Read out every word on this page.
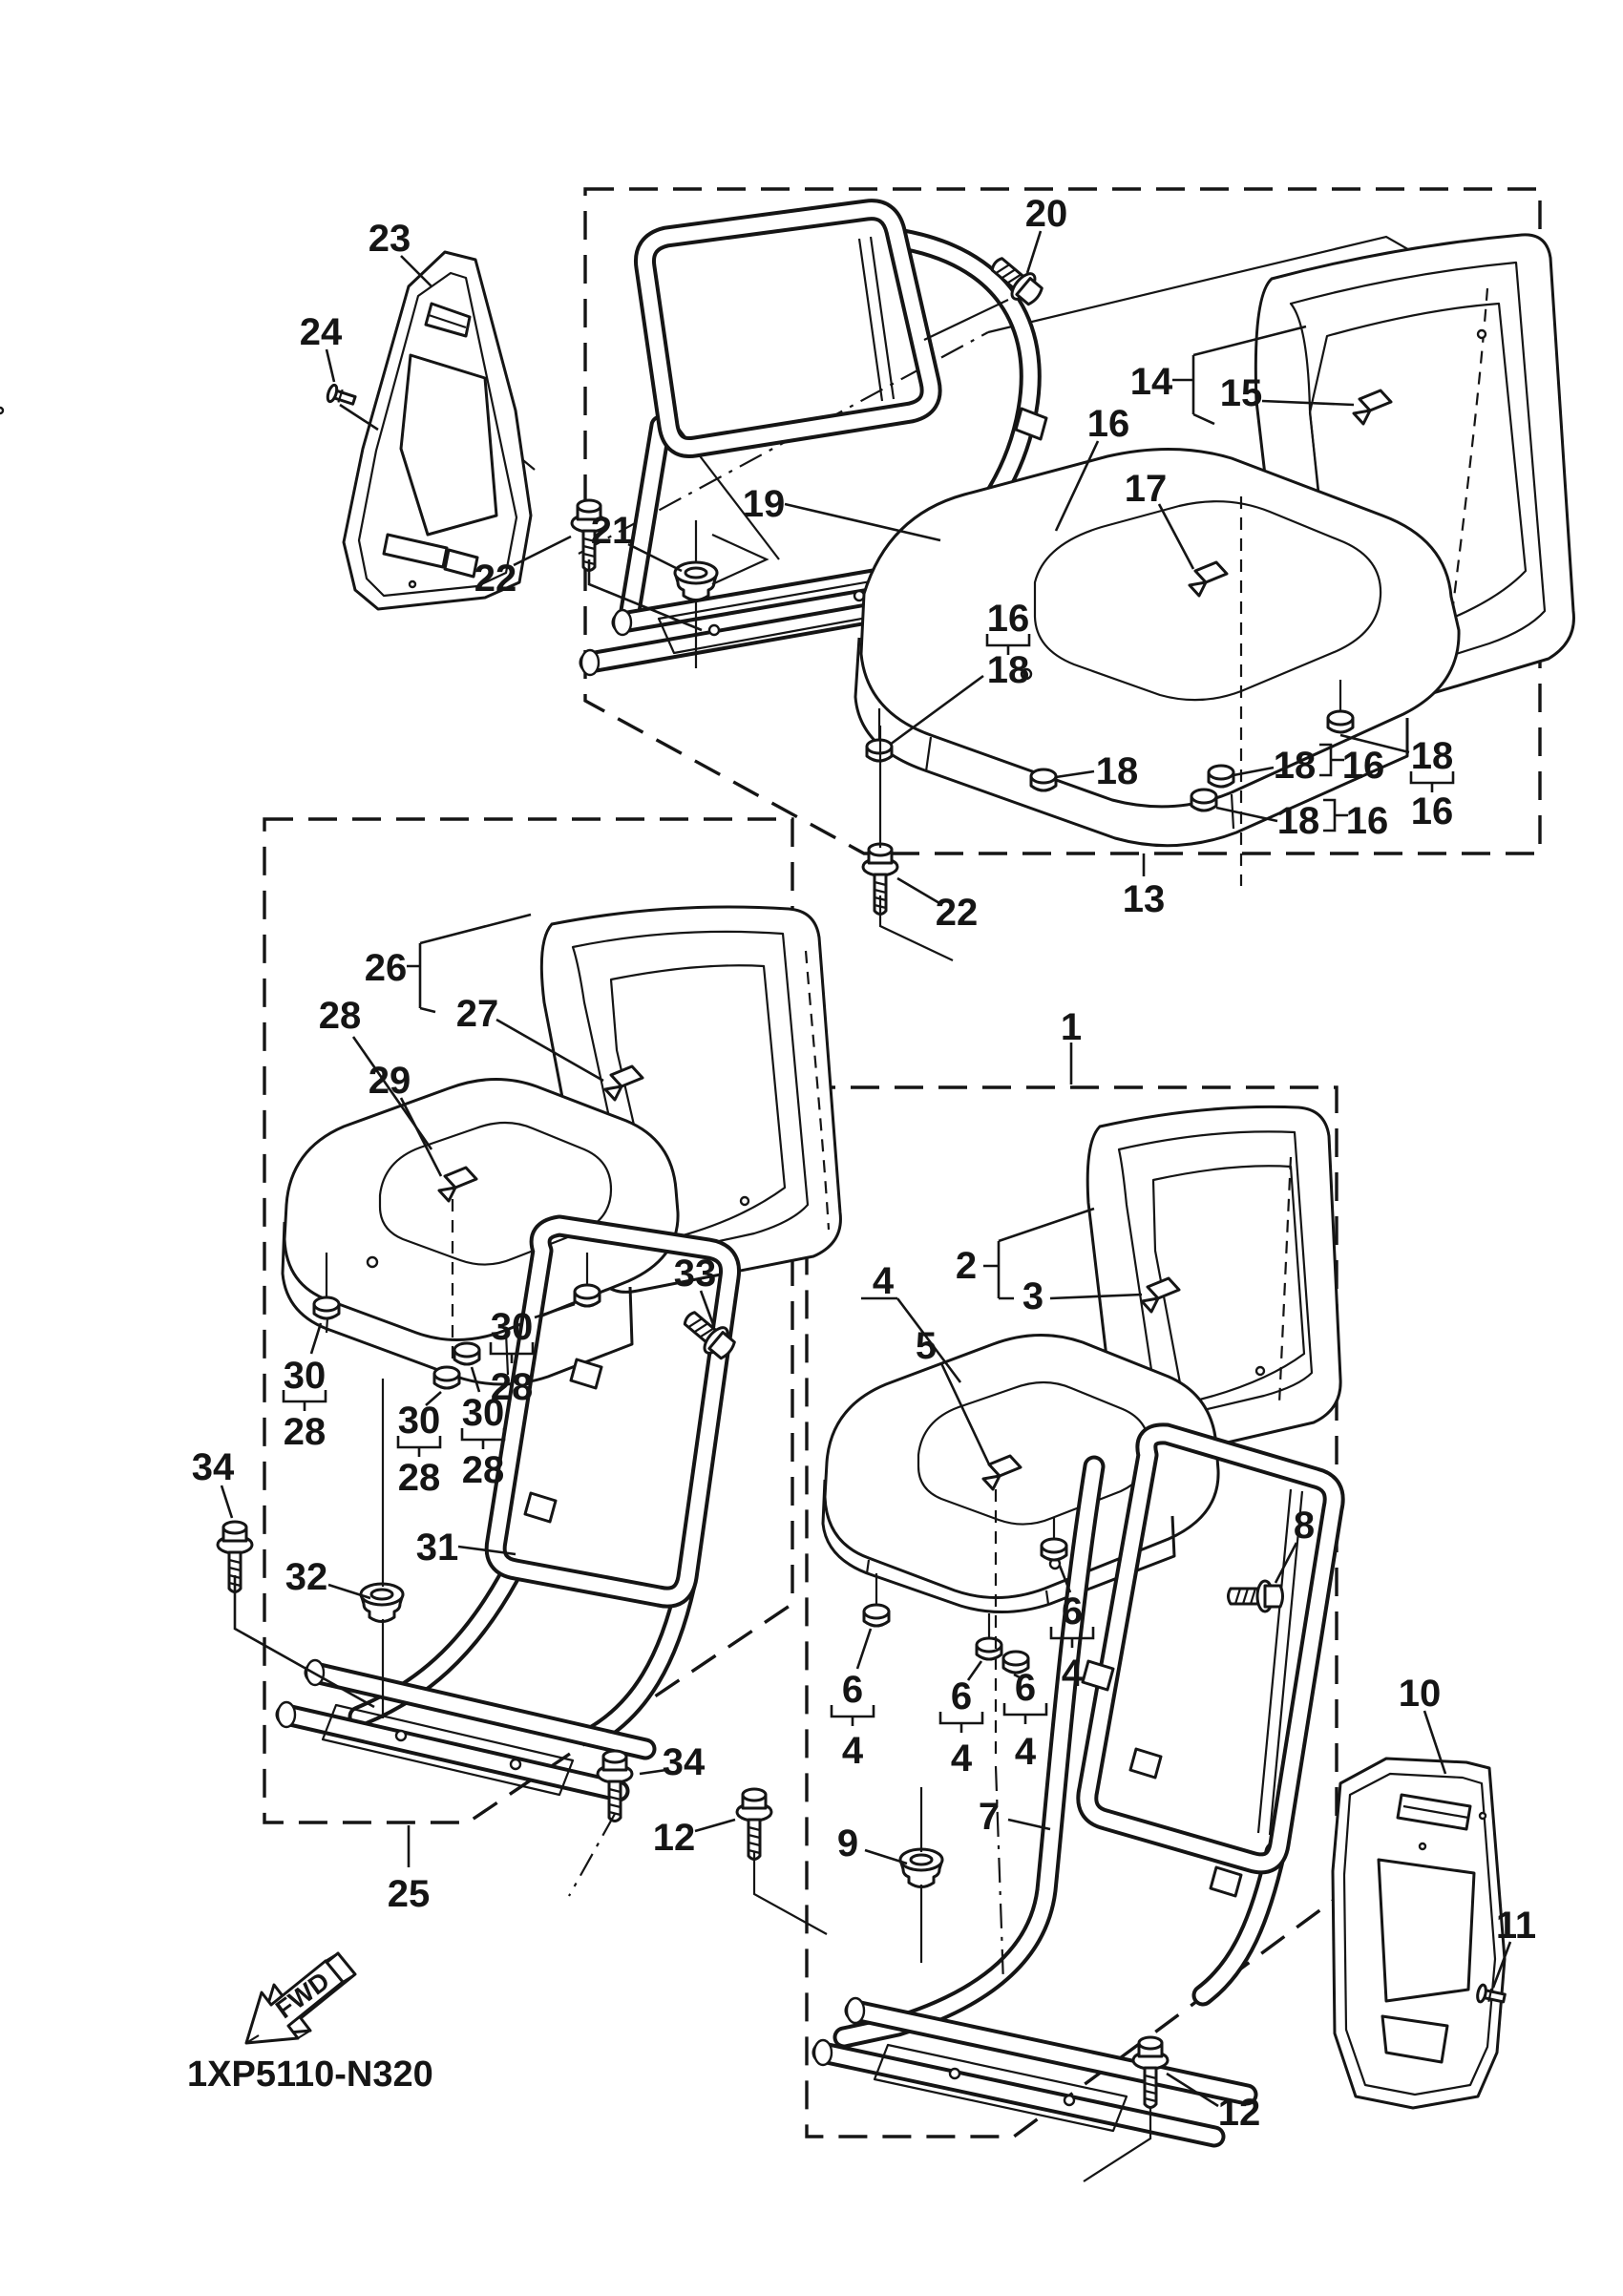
FWD
1XP5110-N320
23
24
22
21
19
20
14 15
16
17
16
18
18	18 16
18 16
18
16
13
22
1
26
27
28
29
33	2
3
4
5
30
28 30
28
30
28
30
28
34
32
31
34
12
25
6
4
6
4
6
4
6
4
9
7
8
10
11
12
